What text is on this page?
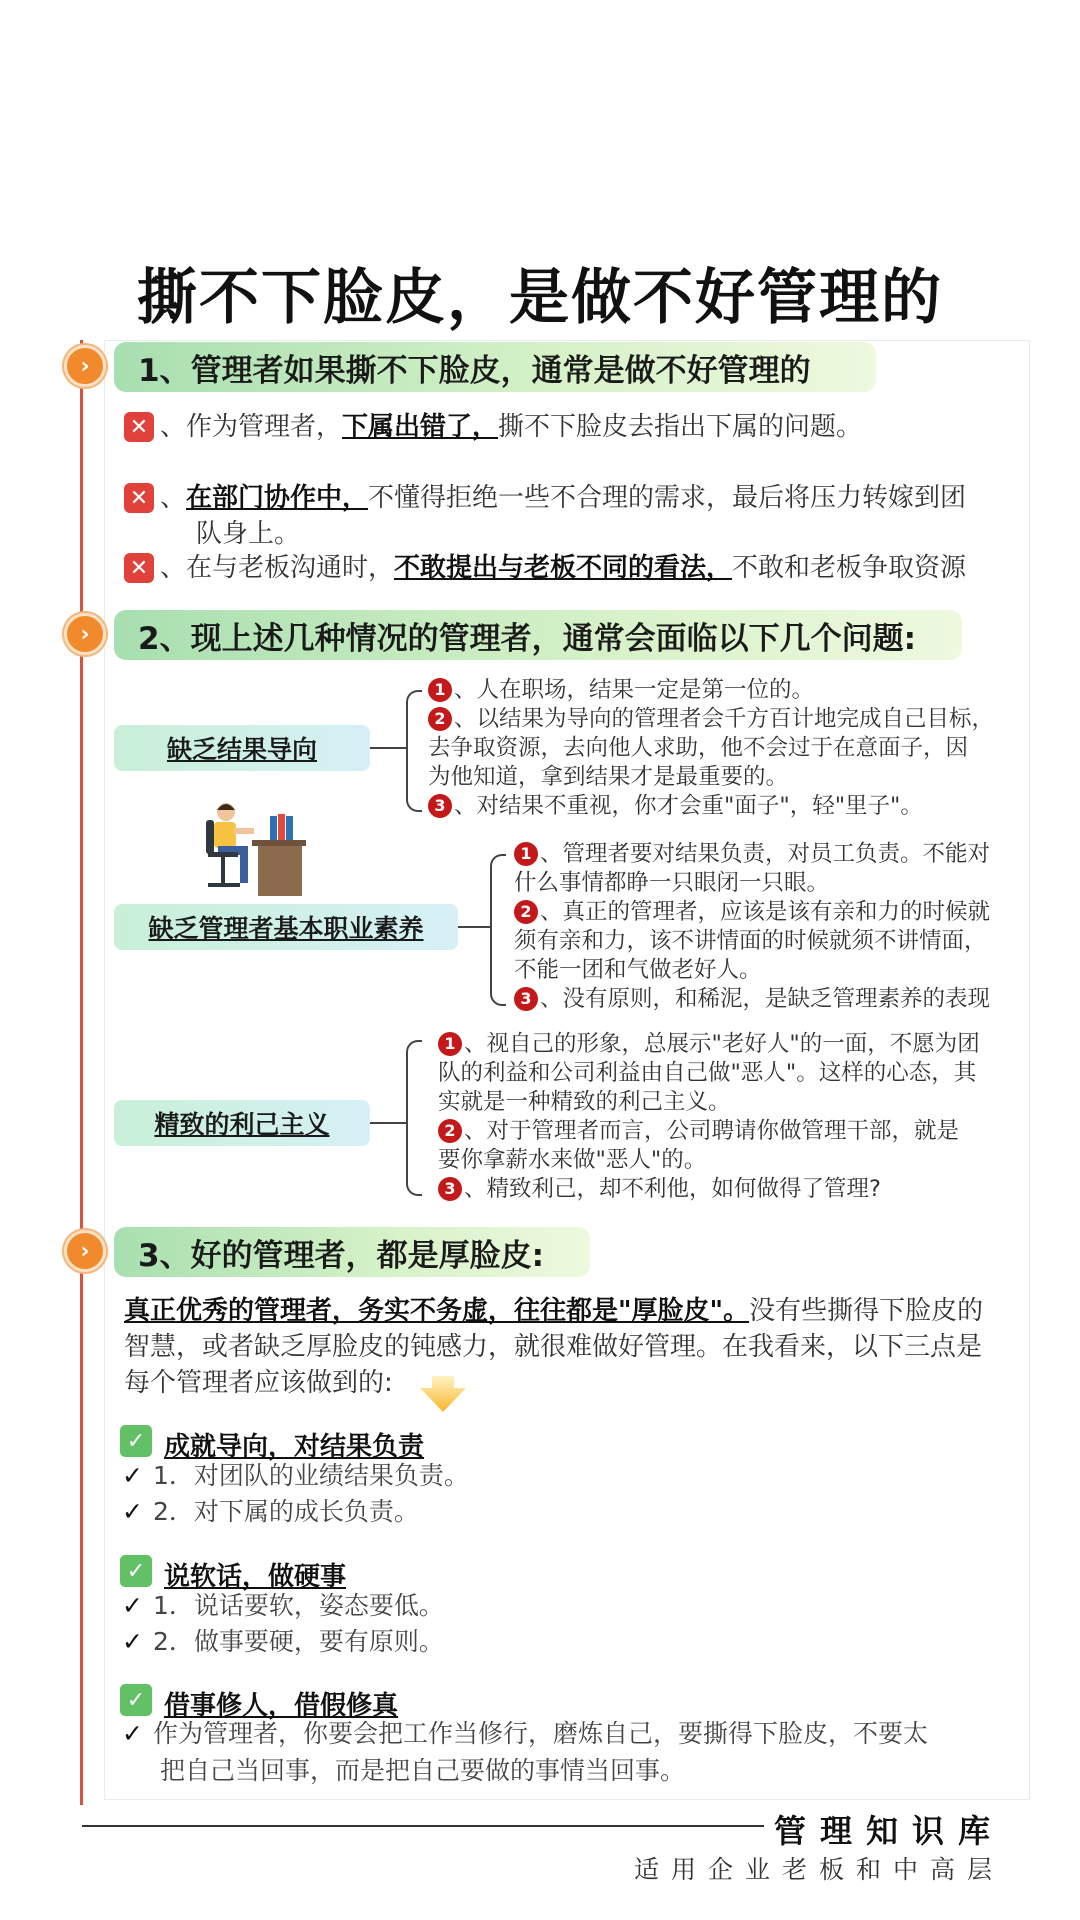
撕不下脸皮，是做不好管理的
›	1、管理者如果撕不下脸皮，通常是做不好管理的
✕ 、作为管理者，下属出错了，撕不下脸皮去指出下属的问题。
✕ 、在部门协作中，不懂得拒绝一些不合理的需求，最后将压力转嫁到团
队身上。
✕ 、在与老板沟通时，不敢提出与老板不同的看法，不敢和老板争取资源
›	2、现上述几种情况的管理者，通常会面临以下几个问题:
缺乏结果导向
1 、人在职场，结果一定是第一位的。
2 、以结果为导向的管理者会千方百计地完成自己目标，
去争取资源，去向他人求助，他不会过于在意面子，因
为他知道，拿到结果才是最重要的。
3 、对结果不重视，你才会重"面子"，轻"里子"。
缺乏管理者基本职业素养
1 、管理者要对结果负责，对员工负责。不能对
什么事情都睁一只眼闭一只眼。
2 、真正的管理者，应该是该有亲和力的时候就
须有亲和力，该不讲情面的时候就须不讲情面，
不能一团和气做老好人。
3 、没有原则，和稀泥，是缺乏管理素养的表现
精致的利己主义
1 、视自己的形象，总展示"老好人"的一面，不愿为团
队的利益和公司利益由自己做"恶人"。这样的心态，其
实就是一种精致的利己主义。
2 、对于管理者而言，公司聘请你做管理干部，就是
要你拿薪水来做"恶人"的。
3 、精致利己，却不利他，如何做得了管理?
›	3、好的管理者，都是厚脸皮:
真正优秀的管理者，务实不务虚，往往都是"厚脸皮"。没有些撕得下脸皮的
智慧，或者缺乏厚脸皮的钝感力，就很难做好管理。在我看来，以下三点是
每个管理者应该做到的:
✓ 成就导向，对结果负责
✓ 1．对团队的业绩结果负责。
✓ 2．对下属的成长负责。
✓ 说软话，做硬事
✓ 1．说话要软，姿态要低。
✓ 2．做事要硬，要有原则。
✓ 借事修人，借假修真
✓ 作为管理者，你要会把工作当修行，磨炼自己，要撕得下脸皮，不要太
把自己当回事，而是把自己要做的事情当回事。
管理知识库
适用企业老板和中高层
